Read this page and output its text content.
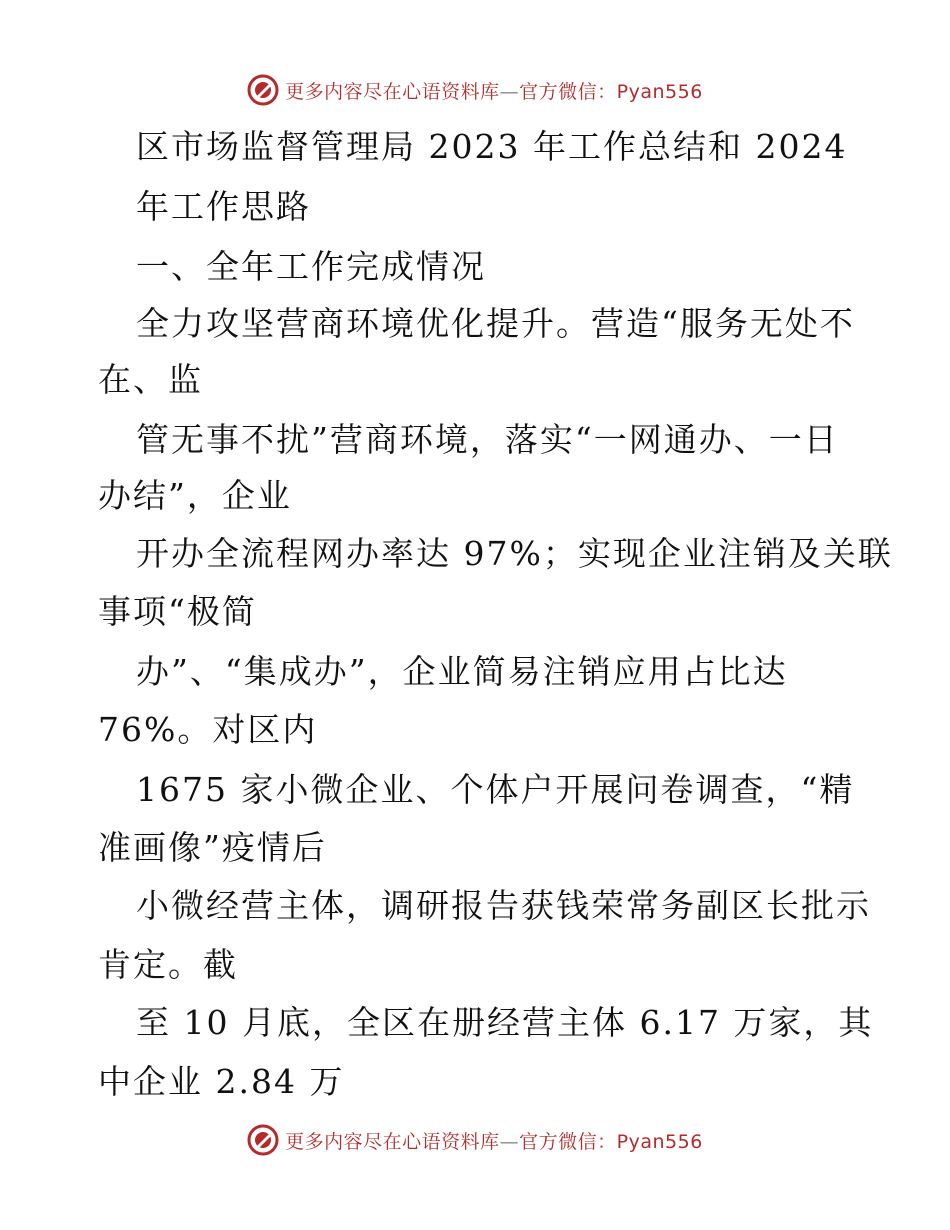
更多内容尽在心语资料库—官方微信：Pyan556
区市场监督管理局 2023 年工作总结和 2024
年工作思路
一、全年工作完成情况
全力攻坚营商环境优化提升。营造“服务无处不
在、监
管无事不扰”营商环境，落实“一网通办、一日
办结”，企业
开办全流程网办率达 97%；实现企业注销及关联
事项“极简
办”、“集成办”，企业简易注销应用占比达
76%。对区内
1675 家小微企业、个体户开展问卷调查，“精
准画像”疫情后
小微经营主体，调研报告获钱荣常务副区长批示
肯定。截
至 10 月底，全区在册经营主体 6.17 万家，其
中企业 2.84 万
更多内容尽在心语资料库—官方微信：Pyan556
